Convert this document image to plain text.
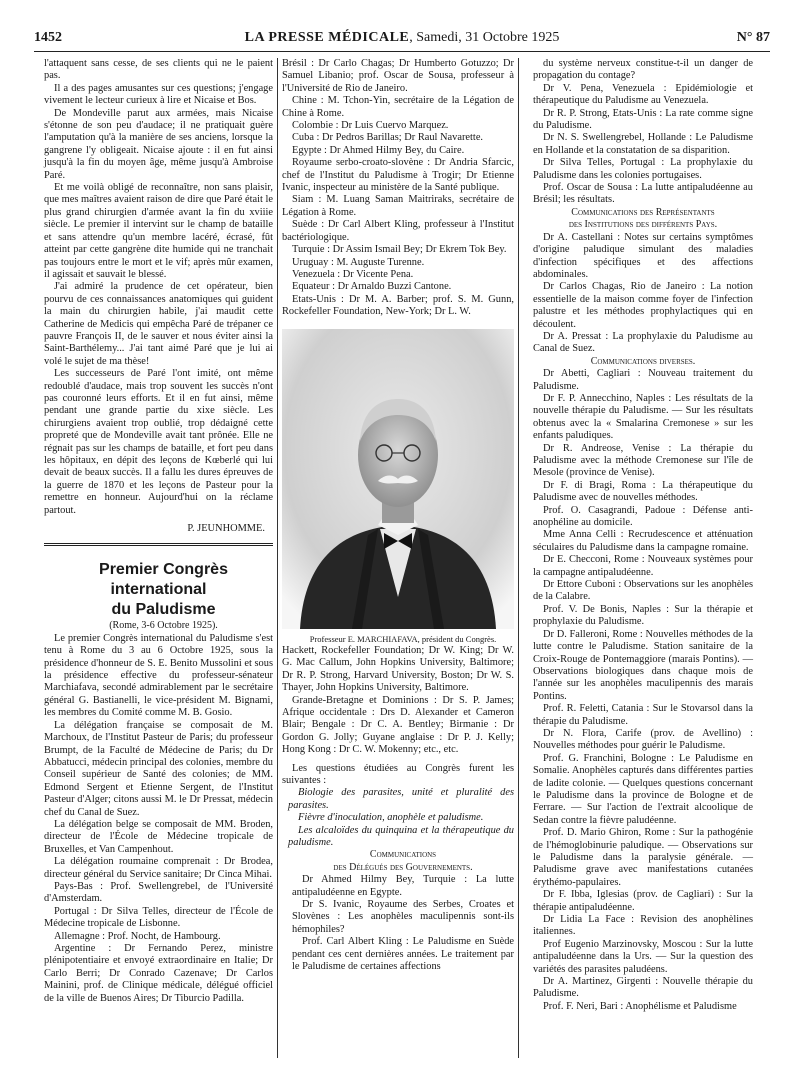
1452	LA PRESSE MÉDICALE, Samedi, 31 Octobre 1925	N° 87

l'attaquent sans cesse, de ses clients qui ne le paient pas.

Il a des pages amusantes sur ces questions; j'engage vivement le lecteur curieux à lire et Nicaise et Bos.

De Mondeville parut aux armées, mais Nicaise s'étonne de son peu d'audace; il ne pratiquait guère l'amputation qu'à la manière de ses anciens, lorsque la gangrene l'y obligeait. Nicaise ajoute : il en fut ainsi jusqu'à la fin du moyen âge, même jusqu'à Ambroise Paré.

Et me voilà obligé de reconnaître, non sans plaisir, que mes maîtres avaient raison de dire que Paré était le plus grand chirurgien d'armée avant la fin du xviiie siècle. Le premier il intervint sur le champ de bataille et sans attendre qu'un membre lacéré, écrasé, fût atteint par cette gangrène dite humide qui ne tranchait pas toujours entre le mort et le vif; après mûr examen, il agissait et sauvait le blessé.

J'ai admiré la prudence de cet opérateur, bien pourvu de ces connaissances anatomiques qui guident la main du chirurgien habile, j'ai maudit cette Catherine de Medicis qui empêcha Paré de trépaner ce pauvre François II, de le sauver et nous éviter ainsi la Saint-Barthélemy... J'ai tant aimé Paré que je lui ai volé le sujet de ma thèse!

Les successeurs de Paré l'ont imité, ont même redoublé d'audace, mais trop souvent les succès n'ont pas couronné leurs efforts. Et il en fut ainsi, même pendant une grande partie du xixe siècle. Les chirurgiens avaient trop oublié, trop dédaigné cette propreté que de Mondeville avait tant prônée. Elle ne régnait pas sur les champs de bataille, et fort peu dans les hôpitaux, en dépit des leçons de Kœberlé qui lui devait de beaux succès. Il a fallu les dures épreuves de la guerre de 1870 et les leçons de Pasteur pour la remettre en honneur. Aujourd'hui on la réclame partout.

P. JEUNHOMME.

Premier Congrès international

du Paludisme

(Rome, 3-6 Octobre 1925).

Le premier Congrès international du Paludisme s'est tenu à Rome du 3 au 6 Octobre 1925, sous la présidence d'honneur de S. E. Benito Mussolini et sous la présidence effective du professeur-sénateur Marchiafava, secondé admirablement par le secrétaire général G. Bastianelli, le vice-président M. Bignami, les membres du Comité comme M. B. Gosio.

La délégation française se composait de M. Marchoux, de l'Institut Pasteur de Paris; du professeur Brumpt, de la Faculté de Médecine de Paris; du Dr Abbatucci, médecin principal des colonies, membre du Conseil supérieur de Santé des colonies; de MM. Edmond Sergent et Etienne Sergent, de l'Institut Pasteur d'Alger; citons aussi M. le Dr Pressat, médecin chef du Canal de Suez.

La délégation belge se composait de MM. Broden, directeur de l'École de Médecine tropicale de Bruxelles, et Van Campenhout.

La délégation roumaine comprenait : Dr Brodea, directeur général du Service sanitaire; Dr Cinca Mihai.

Pays-Bas : Prof. Swellengrebel, de l'Université d'Amsterdam.

Portugal : Dr Silva Telles, directeur de l'École de Médecine tropicale de Lisbonne.

Allemagne : Prof. Nocht, de Hambourg.

Argentine : Dr Fernando Perez, ministre plénipotentiaire et envoyé extraordinaire en Italie; Dr Carlo Berri; Dr Conrado Cazenave; Dr Carlos Mainini, prof. de Clinique médicale, délégué officiel de la ville de Buenos Aires; Dr Tiburcio Padilla.

Brésil : Dr Carlo Chagas; Dr Humberto Gotuzzo; Dr Samuel Libanio; prof. Oscar de Sousa, professeur à l'Université de Rio de Janeiro.

Chine : M. Tchon-Yin, secrétaire de la Légation de Chine à Rome.

Colombie : Dr Luis Cuervo Marquez.

Cuba : Dr Pedros Barillas; Dr Raul Navarette.

Egypte : Dr Ahmed Hilmy Bey, du Caire.

Royaume serbo-croato-slovène : Dr Andria Sfarcic, chef de l'Institut du Paludisme à Trogir; Dr Etienne Ivanic, inspecteur au ministère de la Santé publique.

Siam : M. Luang Saman Maitriraks, secrétaire de Légation à Rome.

Suède : Dr Carl Albert Kling, professeur à l'Institut bactériologique.

Turquie : Dr Assim Ismail Bey; Dr Ekrem Tok Bey.

Uruguay : M. Auguste Turenne.

Venezuela : Dr Vicente Pena.

Equateur : Dr Arnaldo Buzzi Cantone.

Etats-Unis : Dr M. A. Barber; prof. S. M. Gunn, Rockefeller Foundation, New-York; Dr L. W.

Professeur E. MARCHIAFAVA, président du Congrès.

Hackett, Rockefeller Foundation; Dr W. King; Dr W. G. Mac Callum, John Hopkins University, Baltimore; Dr R. P. Strong, Harvard University, Boston; Dr W. S. Thayer, John Hopkins University, Baltimore.

Grande-Bretagne et Dominions : Dr S. P. James; Afrique occidentale : Drs D. Alexander et Cameron Blair; Bengale : Dr C. A. Bentley; Birmanie : Dr Gordon G. Jolly; Guyane anglaise : Dr P. J. Kelly; Hong Kong : Dr C. W. Mokenny; etc., etc.

Les questions étudiées au Congrès furent les suivantes :

Biologie des parasites, unité et pluralité des parasites.

Fièvre d'inoculation, anophèle et paludisme.

Les alcaloïdes du quinquina et la thérapeutique du paludisme.

Communications

des Délégués des Gouvernements.

Dr Ahmed Hilmy Bey, Turquie : La lutte antipaludéenne en Egypte.

Dr S. Ivanic, Royaume des Serbes, Croates et Slovènes : Les anophèles maculipennis sont-ils hémophiles?

Prof. Carl Albert Kling : Le Paludisme en Suède pendant ces cent dernières années. Le traitement par le Paludisme de certaines affections

du système nerveux constitue-t-il un danger de propagation du contage?

Dr V. Pena, Venezuela : Epidémiologie et thérapeutique du Paludisme au Venezuela.

Dr R. P. Strong, Etats-Unis : La rate comme signe du Paludisme.

Dr N. S. Swellengrebel, Hollande : Le Paludisme en Hollande et la constatation de sa disparition.

Dr Silva Telles, Portugal : La prophylaxie du Paludisme dans les colonies portugaises.

Prof. Oscar de Sousa : La lutte antipaludéenne au Brésil; les résultats.

Communications des Représentants

des Institutions des différents Pays.

Dr A. Castellani : Notes sur certains symptômes d'origine paludique simulant des maladies d'infection spécifiques et des affections abdominales.

Dr Carlos Chagas, Rio de Janeiro : La notion essentielle de la maison comme foyer de l'infection palustre et les méthodes prophylactiques qui en découlent.

Dr A. Pressat : La prophylaxie du Paludisme au Canal de Suez.

Communications diverses.

Dr Abetti, Cagliari : Nouveau traitement du Paludisme.

Dr F. P. Annecchino, Naples : Les résultats de la nouvelle thérapie du Paludisme. — Sur les résultats obtenus avec la « Smalarina Cremonese » sur les enfants paludiques.

Dr R. Andreose, Venise : La thérapie du Paludisme avec la méthode Cremonese sur l'île de Mesole (province de Venise).

Dr F. di Bragi, Roma : La thérapeutique du Paludisme avec de nouvelles méthodes.

Prof. O. Casagrandi, Padoue : Défense anti-anophéline au domicile.

Mme Anna Celli : Recrudescence et atténuation séculaires du Paludisme dans la campagne romaine.

Dr E. Checconi, Rome : Nouveaux systèmes pour la campagne antipaludéenne.

Dr Ettore Cuboni : Observations sur les anophèles de la Calabre.

Prof. V. De Bonis, Naples : Sur la thérapie et prophylaxie du Paludisme.

Dr D. Falleroni, Rome : Nouvelles méthodes de la lutte contre le Paludisme. Station sanitaire de la Croix-Rouge de Pontemaggiore (marais Pontins). — Observations biologiques dans chaque mois de l'année sur les anophèles maculipennis des marais Pontins.

Prof. R. Feletti, Catania : Sur le Stovarsol dans la thérapie du Paludisme.

Dr N. Flora, Carife (prov. de Avellino) : Nouvelles méthodes pour guérir le Paludisme.

Prof. G. Franchini, Bologne : Le Paludisme en Somalie. Anophèles capturés dans différentes parties de ladite colonie. — Quelques questions concernant le Paludisme dans la province de Bologne et de Ferrare. — Sur l'action de l'extrait alcoolique de Sedan contre la fièvre paludéenne.

Prof. D. Mario Ghiron, Rome : Sur la pathogénie de l'hémoglobinurie paludique. — Observations sur le Paludisme dans la paralysie générale. — Paludisme grave avec manifestations cutanées érythémo-papulaires.

Dr F. Ibba, Iglesias (prov. de Cagliari) : Sur la thérapie antipaludéenne.

Dr Lidia La Face : Revision des anophèlines italiennes.

Prof Eugenio Marzinovsky, Moscou : Sur la lutte antipaludéenne dans la Urs. — Sur la question des variétés des parasites paludéens.

Dr A. Martinez, Girgenti : Nouvelle thérapie du Paludisme.

Prof. F. Neri, Bari : Anophélisme et Paludisme
